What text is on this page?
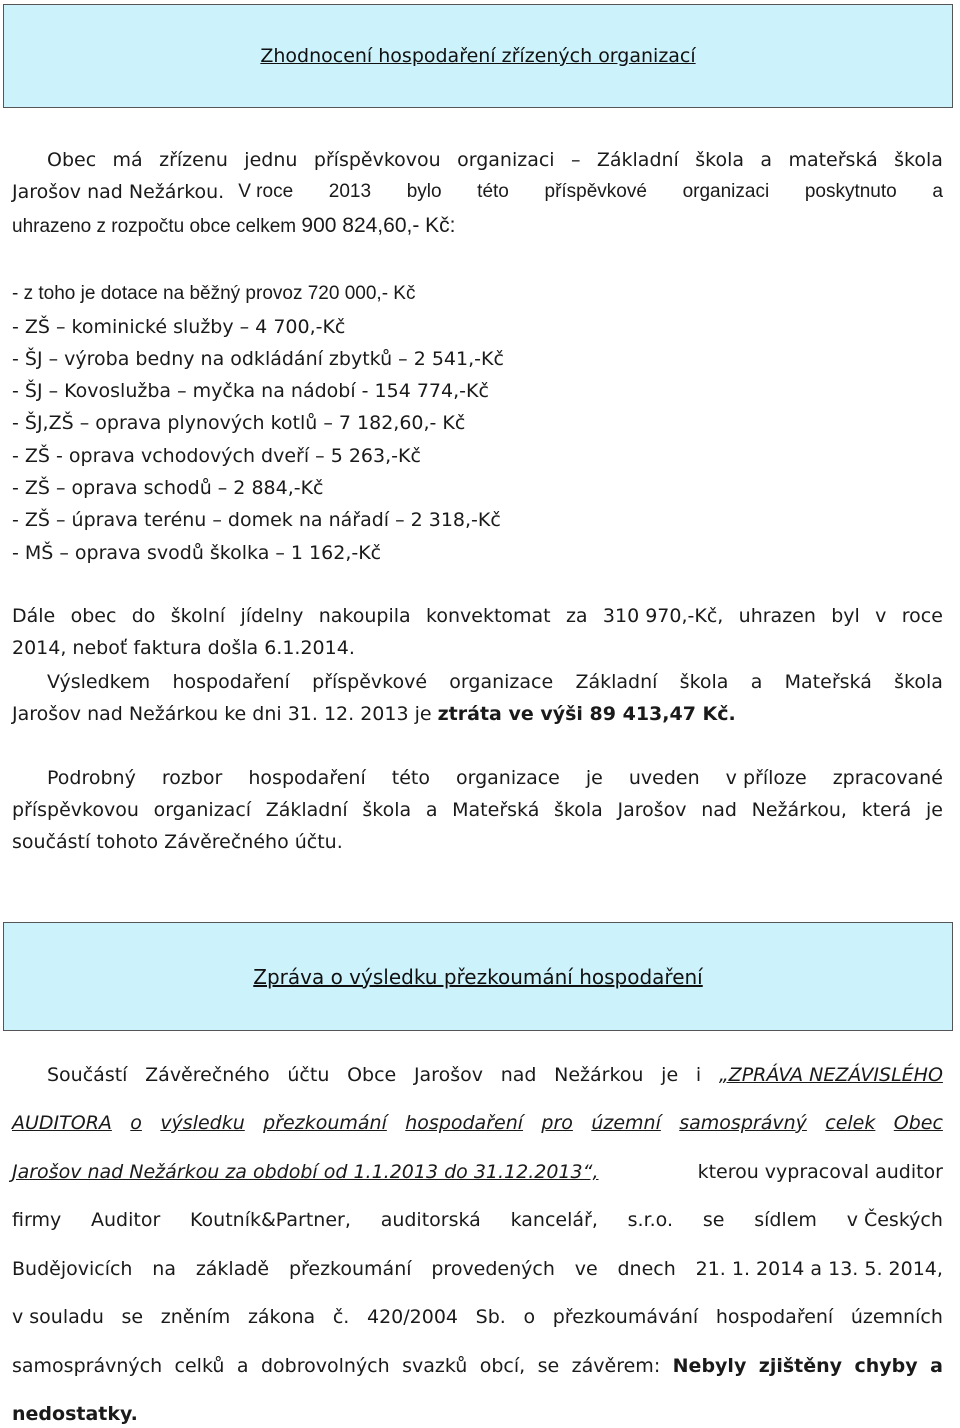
Zhodnocení hospodaření zřízených organizací
Obec má zřízenu jednu příspěvkovou organizaci – Základní škola a mateřská škola
Jarošov nad Nežárkou. V roce 2013 bylo této příspěvkové organizaci poskytnuto a
uhrazeno z rozpočtu obce celkem 900 824,60,- Kč:
- z toho je dotace na běžný provoz 720 000,- Kč
- ZŠ – kominické služby – 4 700,-Kč
- ŠJ – výroba bedny na odkládání zbytků – 2 541,-Kč
- ŠJ – Kovoslužba – myčka na nádobí - 154 774,-Kč
- ŠJ,ZŠ – oprava plynových kotlů – 7 182,60,- Kč
- ZŠ - oprava vchodových dveří – 5 263,-Kč
- ZŠ – oprava schodů – 2 884,-Kč
- ZŠ – úprava terénu – domek na nářadí – 2 318,-Kč
- MŠ – oprava svodů školka – 1 162,-Kč
Dále obec do školní jídelny nakoupila konvektomat za 310 970,-Kč, uhrazen byl v roce
2014, neboť faktura došla 6.1.2014.
Výsledkem hospodaření příspěvkové organizace Základní škola a Mateřská škola
Jarošov nad Nežárkou ke dni 31. 12. 2013 je ztráta ve výši 89 413,47 Kč.
Podrobný rozbor hospodaření této organizace je uveden v příloze zpracované
příspěvkovou organizací Základní škola a Mateřská škola Jarošov nad Nežárkou, která je
součástí tohoto Závěrečného účtu.
Zpráva o výsledku přezkoumání hospodaření
Součástí Závěrečného účtu Obce Jarošov nad Nežárkou je i „ZPRÁVA NEZÁVISLÉHO
AUDITORA o výsledku přezkoumání hospodaření pro územní samosprávný celek Obec
Jarošov nad Nežárkou za období od 1.1.2013 do 31.12.2013“,	kterou vypracoval auditor
firmy Auditor Koutník&Partner, auditorská kancelář, s.r.o. se sídlem v Českých
Budějovicích na základě přezkoumání provedených ve dnech 21. 1. 2014 a 13. 5. 2014,
v souladu se zněním zákona č. 420/2004 Sb. o přezkoumávání hospodaření územních
samosprávných celků a dobrovolných svazků obcí, se závěrem: Nebyly zjištěny chyby a
nedostatky.
